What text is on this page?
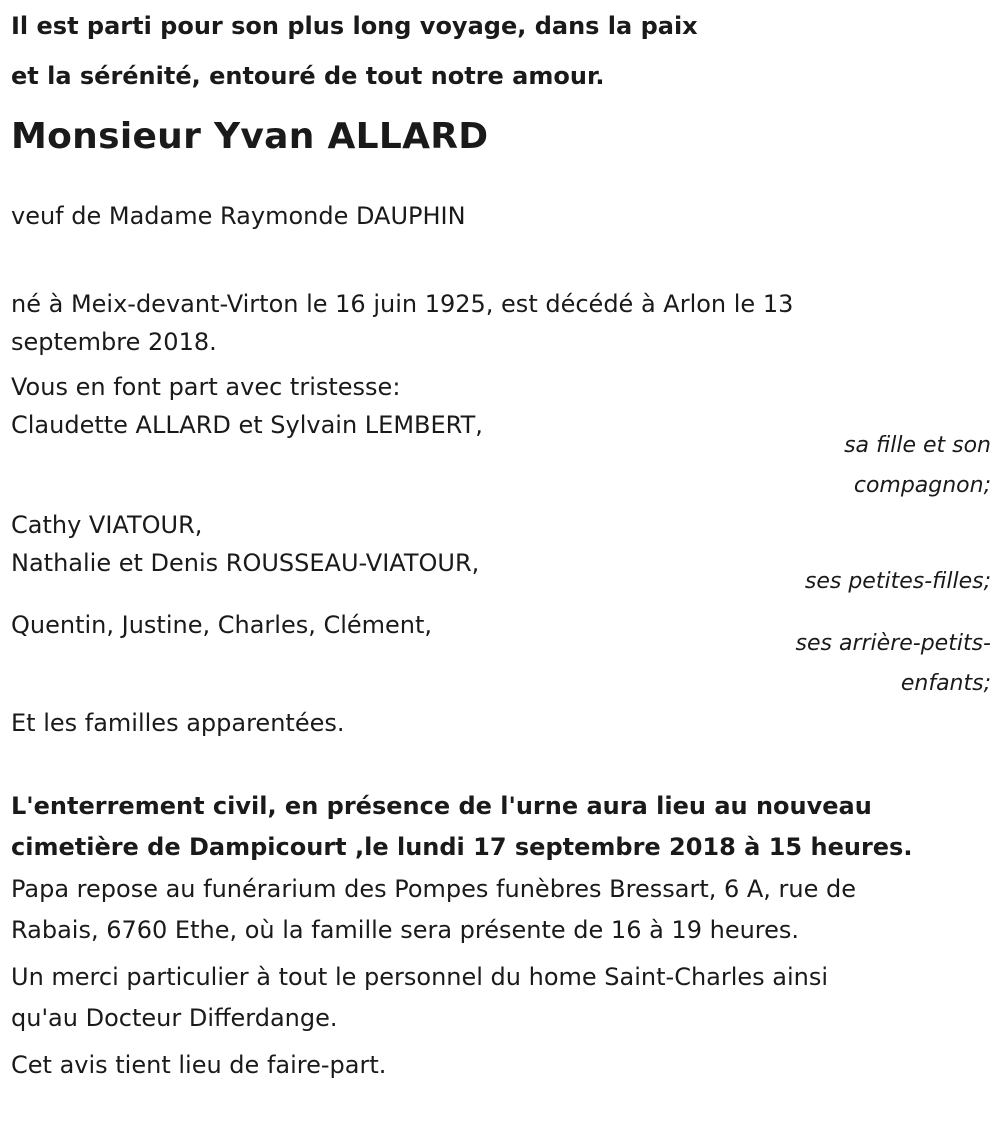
Il est parti pour son plus long voyage, dans la paix
et la sérénité, entouré de tout notre amour.
Monsieur Yvan ALLARD

veuf de Madame Raymonde DAUPHIN

né à Meix-devant-Virton le 16 juin 1925, est décédé à Arlon le 13
septembre 2018.

Vous en font part avec tristesse:

Claudette ALLARD et Sylvain LEMBERT,

sa fille et son
compagnon;

Cathy VIATOUR,

Nathalie et Denis ROUSSEAU-VIATOUR,

ses petites-filles;

Quentin, Justine, Charles, Clément,

ses arrière-petits-
enfants;

Et les familles apparentées.

L'enterrement civil, en présence de l'urne aura lieu au nouveau
cimetière de Dampicourt ,le lundi 17 septembre 2018 à 15 heures.
Papa repose au funérarium des Pompes funèbres Bressart, 6 A, rue de
Rabais, 6760 Ethe, où la famille sera présente de 16 à 19 heures.
Un merci particulier à tout le personnel du home Saint-Charles ainsi
qu'au Docteur Differdange.

Cet avis tient lieu de faire-part.
